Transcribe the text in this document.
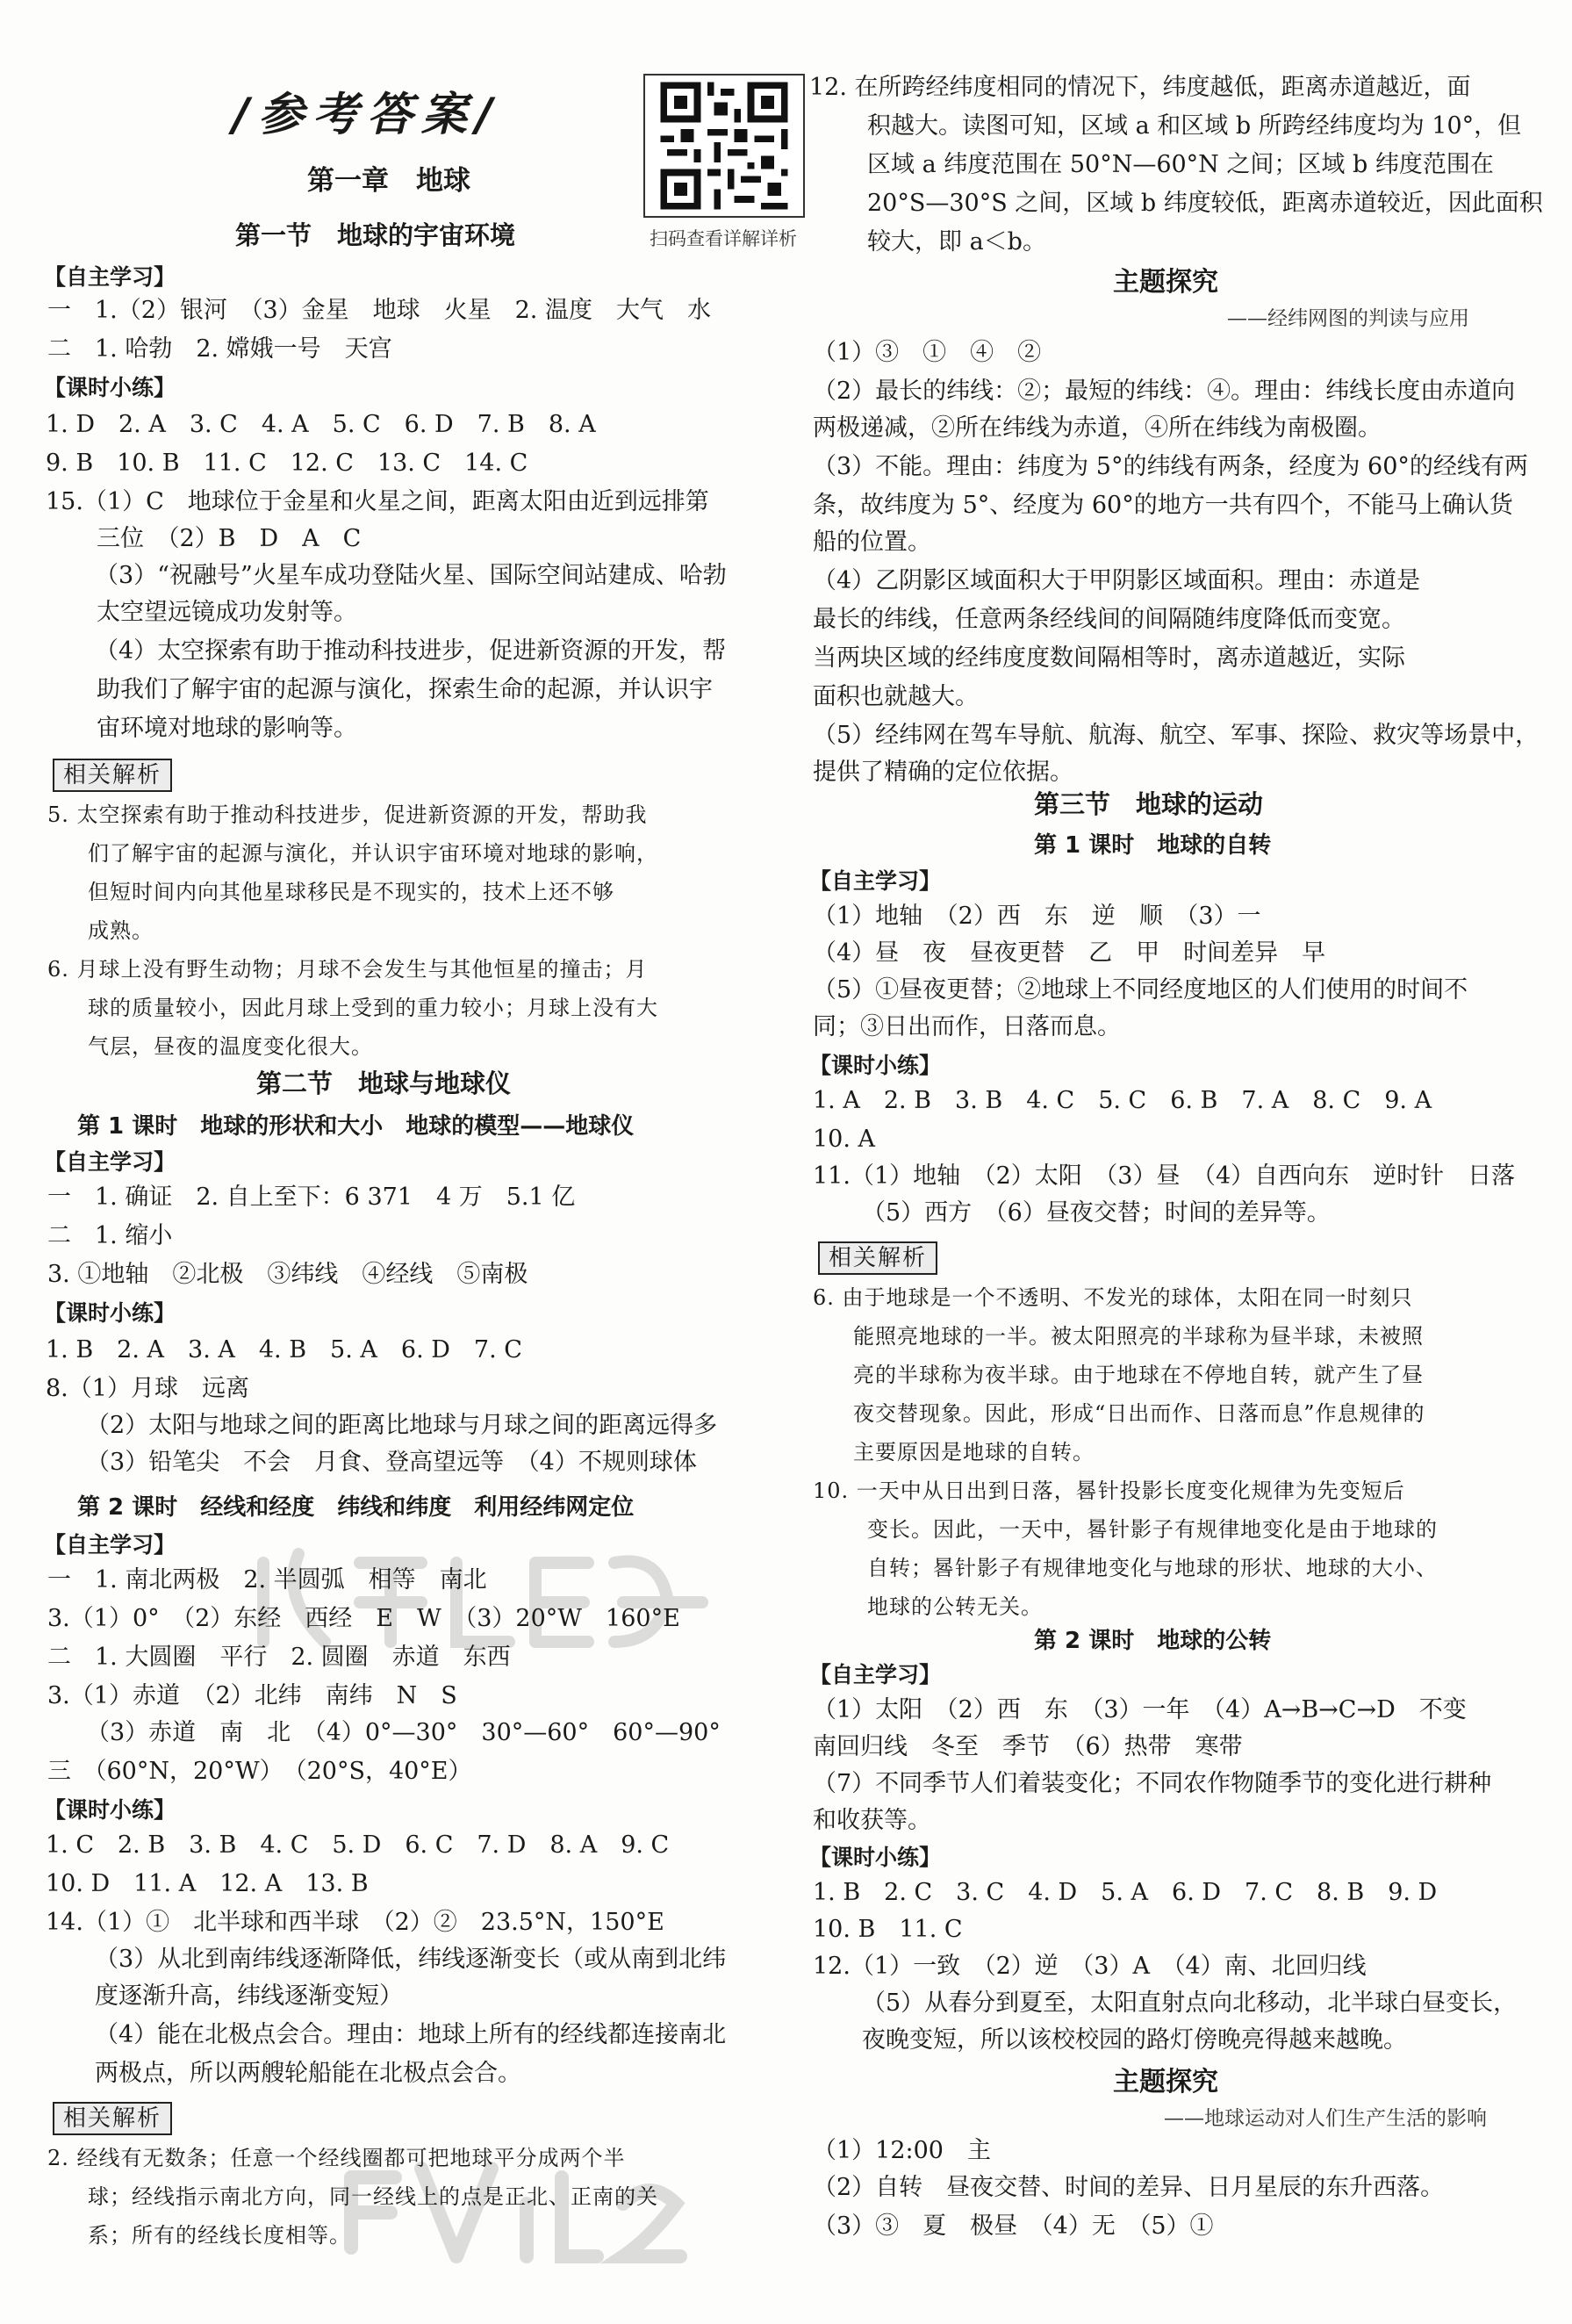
/参考答案/
第一章　地球
扫码查看详解详析
第一节　地球的宇宙环境
【自主学习】
一　1.（2）银河　（3）金星　地球　火星　2. 温度　大气　水
二　1. 哈勃　2. 嫦娥一号　天宫
【课时小练】
1. D　2. A　3. C　4. A　5. C　6. D　7. B　8. A
9. B　10. B　11. C　12. C　13. C　14. C
15.（1）C　地球位于金星和火星之间，距离太阳由近到远排第
三位　（2）B　D　A　C
（3）“祝融号”火星车成功登陆火星、国际空间站建成、哈勃
太空望远镜成功发射等。
（4）太空探索有助于推动科技进步，促进新资源的开发，帮
助我们了解宇宙的起源与演化，探索生命的起源，并认识宇
宙环境对地球的影响等。
相关解析
5. 太空探索有助于推动科技进步，促进新资源的开发，帮助我
们了解宇宙的起源与演化，并认识宇宙环境对地球的影响，
但短时间内向其他星球移民是不现实的，技术上还不够
成熟。
6. 月球上没有野生动物；月球不会发生与其他恒星的撞击；月
球的质量较小，因此月球上受到的重力较小；月球上没有大
气层，昼夜的温度变化很大。
第二节　地球与地球仪
第 1 课时　地球的形状和大小　地球的模型——地球仪
【自主学习】
一　1. 确证　2. 自上至下：6 371　4 万　5.1 亿
二　1. 缩小
3. ①地轴　②北极　③纬线　④经线　⑤南极
【课时小练】
1. B　2. A　3. A　4. B　5. A　6. D　7. C
8.（1）月球　远离
（2）太阳与地球之间的距离比地球与月球之间的距离远得多
（3）铅笔尖　不会　月食、登高望远等　（4）不规则球体
第 2 课时　经线和经度　纬线和纬度　利用经纬网定位
【自主学习】
一　1. 南北两极　2. 半圆弧　相等　南北
3.（1）0°　（2）东经　西经　E　W　（3）20°W　160°E
二　1. 大圆圈　平行　2. 圆圈　赤道　东西
3.（1）赤道　（2）北纬　南纬　N　S
（3）赤道　南　北　（4）0°—30°　30°—60°　60°—90°
三　（60°N，20°W）　（20°S，40°E）
【课时小练】
1. C　2. B　3. B　4. C　5. D　6. C　7. D　8. A　9. C
10. D　11. A　12. A　13. B
14.（1）①　北半球和西半球　（2）②　23.5°N，150°E
（3）从北到南纬线逐渐降低，纬线逐渐变长（或从南到北纬
度逐渐升高，纬线逐渐变短）
（4）能在北极点会合。理由：地球上所有的经线都连接南北
两极点，所以两艘轮船能在北极点会合。
相关解析
2. 经线有无数条；任意一个经线圈都可把地球平分成两个半
球；经线指示南北方向，同一经线上的点是正北、正南的关
系；所有的经线长度相等。
12. 在所跨经纬度相同的情况下，纬度越低，距离赤道越近，面
积越大。读图可知，区域 a 和区域 b 所跨经纬度均为 10°，但
区域 a 纬度范围在 50°N—60°N 之间；区域 b 纬度范围在
20°S—30°S 之间，区域 b 纬度较低，距离赤道较近，因此面积
较大，即 a＜b。
主题探究
——经纬网图的判读与应用
（1）③　①　④　②
（2）最长的纬线：②；最短的纬线：④。理由：纬线长度由赤道向
两极递减，②所在纬线为赤道，④所在纬线为南极圈。
（3）不能。理由：纬度为 5°的纬线有两条，经度为 60°的经线有两
条，故纬度为 5°、经度为 60°的地方一共有四个，不能马上确认货
船的位置。
（4）乙阴影区域面积大于甲阴影区域面积。理由：赤道是
最长的纬线，任意两条经线间的间隔随纬度降低而变宽。
当两块区域的经纬度度数间隔相等时，离赤道越近，实际
面积也就越大。
（5）经纬网在驾车导航、航海、航空、军事、探险、救灾等场景中，
提供了精确的定位依据。
第三节　地球的运动
第 1 课时　地球的自转
【自主学习】
（1）地轴　（2）西　东　逆　顺　（3）一
（4）昼　夜　昼夜更替　乙　甲　时间差异　早
（5）①昼夜更替；②地球上不同经度地区的人们使用的时间不
同；③日出而作，日落而息。
【课时小练】
1. A　2. B　3. B　4. C　5. C　6. B　7. A　8. C　9. A
10. A
11.（1）地轴　（2）太阳　（3）昼　（4）自西向东　逆时针　日落
（5）西方　（6）昼夜交替；时间的差异等。
相关解析
6. 由于地球是一个不透明、不发光的球体，太阳在同一时刻只
能照亮地球的一半。被太阳照亮的半球称为昼半球，未被照
亮的半球称为夜半球。由于地球在不停地自转，就产生了昼
夜交替现象。因此，形成“日出而作、日落而息”作息规律的
主要原因是地球的自转。
10. 一天中从日出到日落，晷针投影长度变化规律为先变短后
变长。因此，一天中，晷针影子有规律地变化是由于地球的
自转；晷针影子有规律地变化与地球的形状、地球的大小、
地球的公转无关。
第 2 课时　地球的公转
【自主学习】
（1）太阳　（2）西　东　（3）一年　（4）A→B→C→D　不变
南回归线　冬至　季节　（6）热带　寒带
（7）不同季节人们着装变化；不同农作物随季节的变化进行耕种
和收获等。
【课时小练】
1. B　2. C　3. C　4. D　5. A　6. D　7. C　8. B　9. D
10. B　11. C
12.（1）一致　（2）逆　（3）A　（4）南、北回归线
（5）从春分到夏至，太阳直射点向北移动，北半球白昼变长，
夜晚变短，所以该校校园的路灯傍晚亮得越来越晚。
主题探究
——地球运动对人们生产生活的影响
（1）12:00　主
（2）自转　昼夜交替、时间的差异、日月星辰的东升西落。
（3）③　夏　极昼　（4）无　（5）①
